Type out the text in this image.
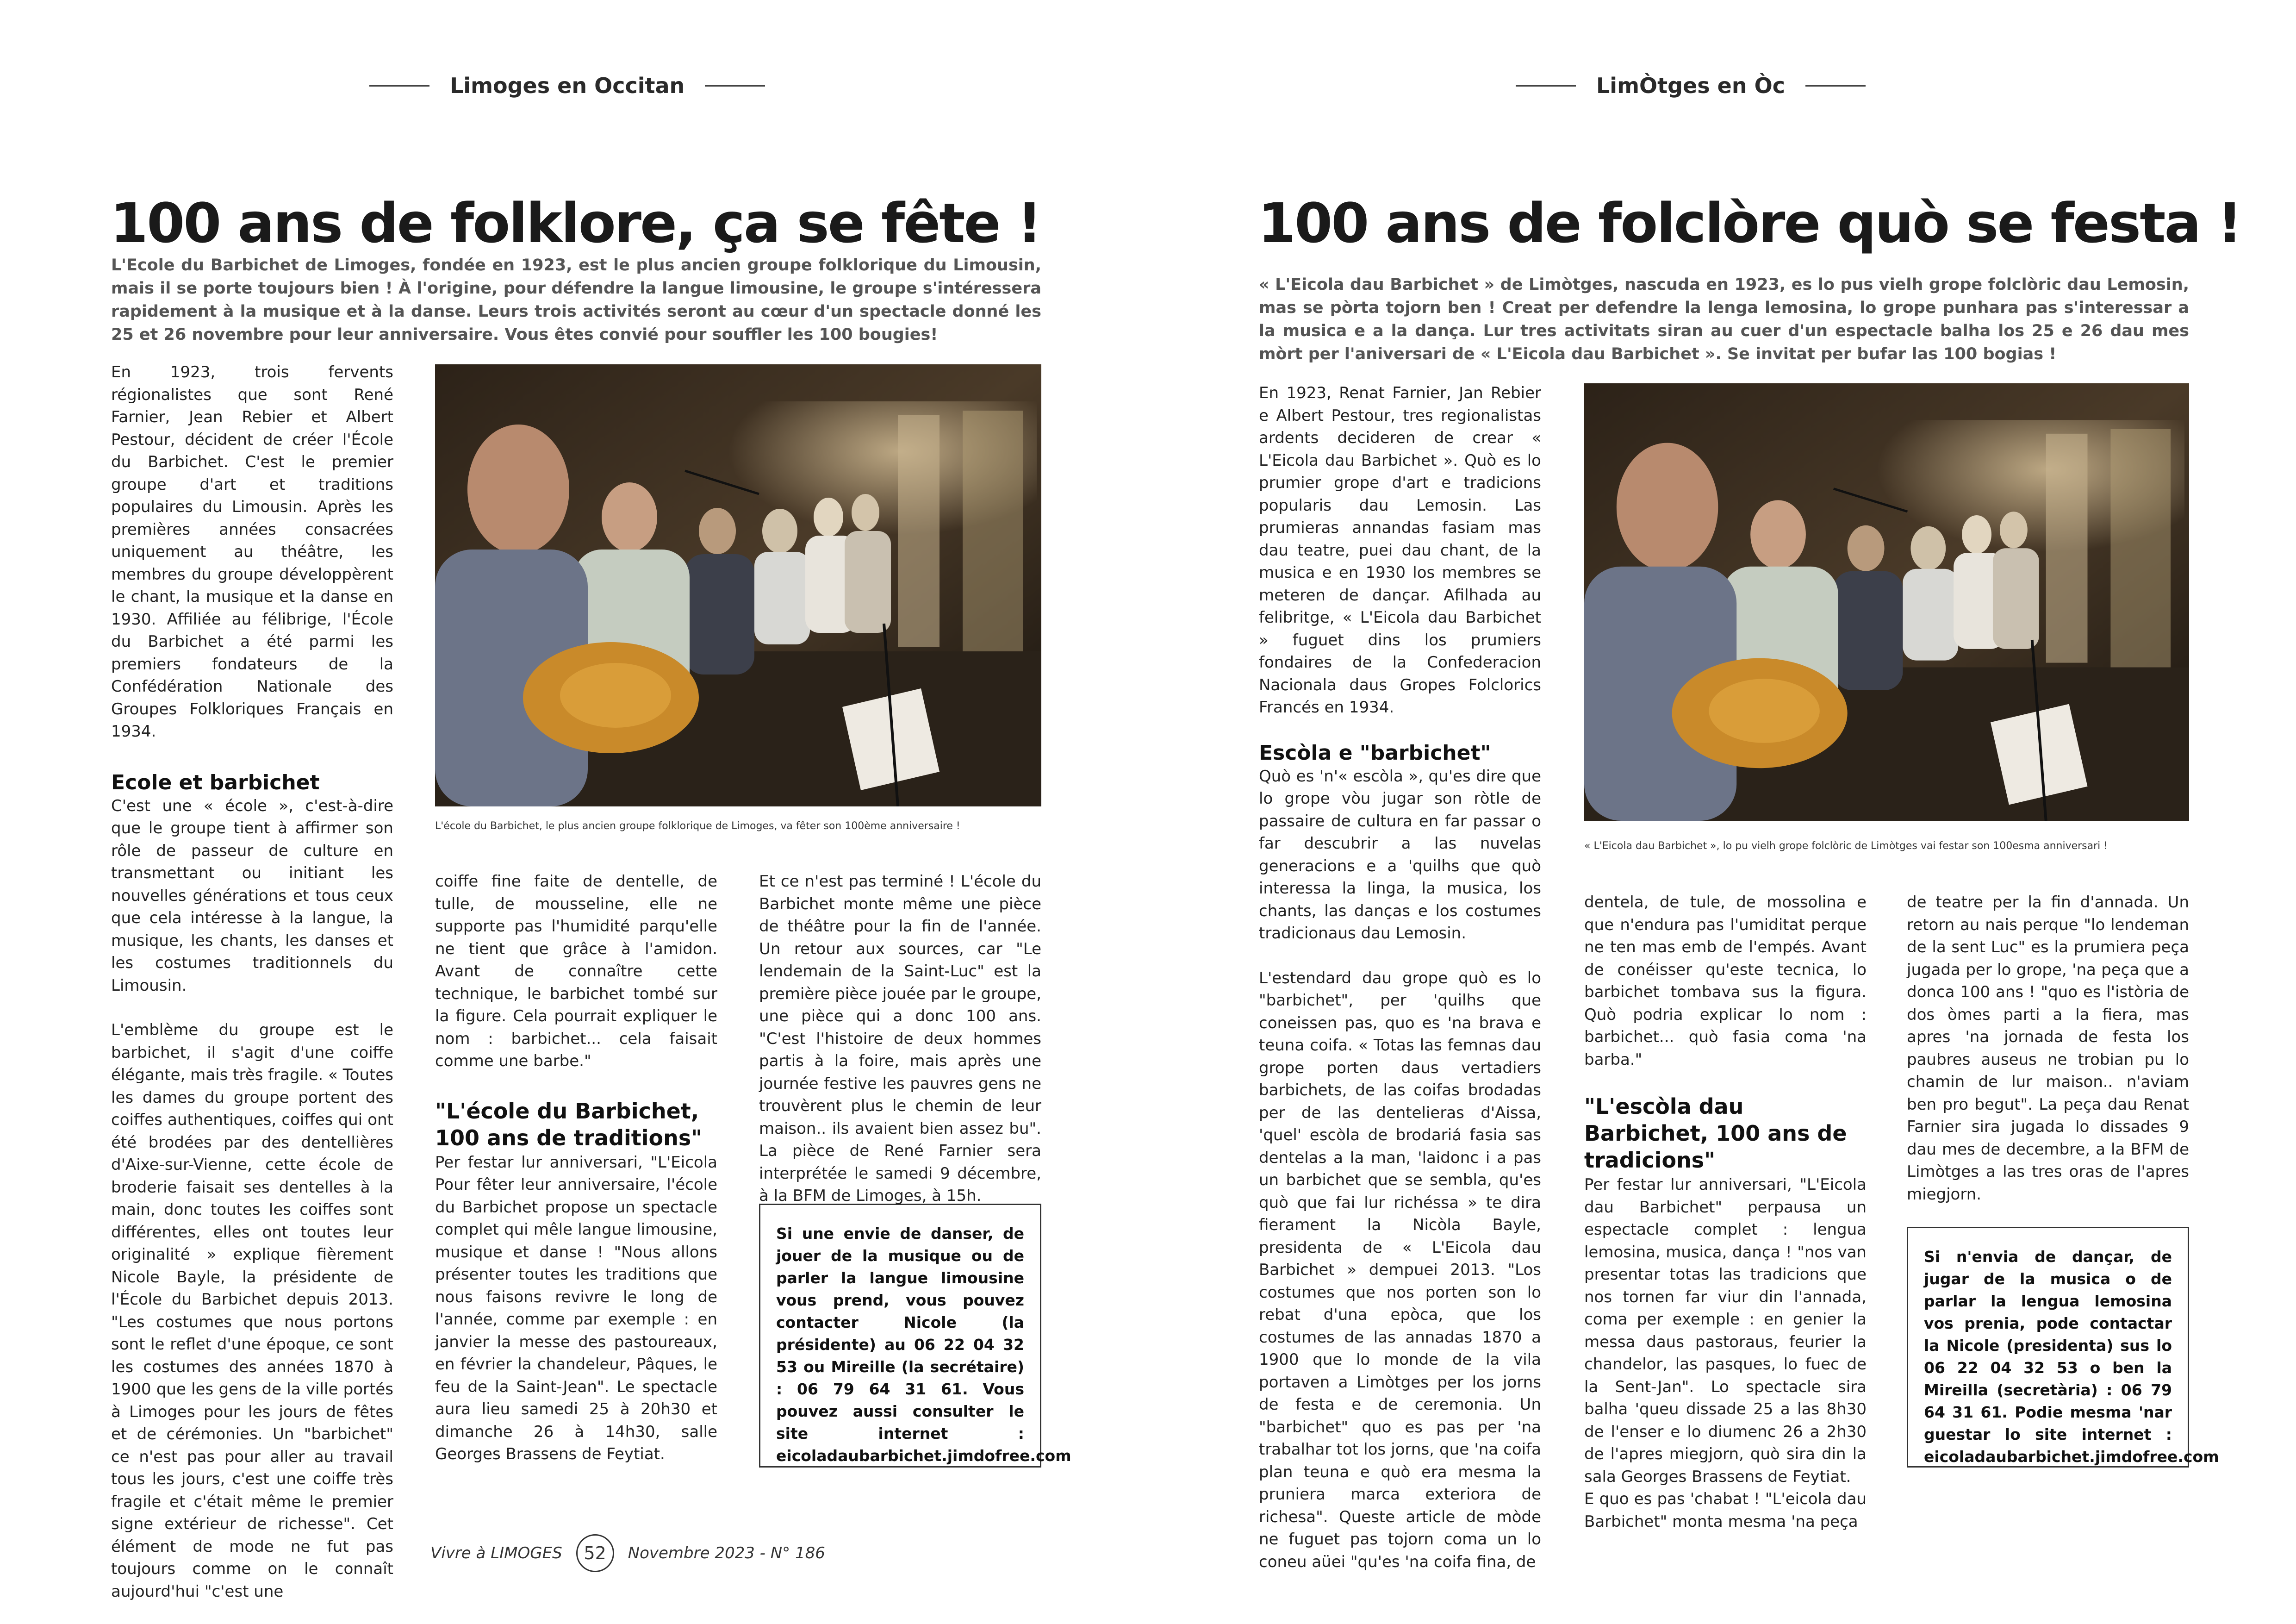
Limoges en Occitan
100 ans de folklore, ça se fête !
L'Ecole du Barbichet de Limoges, fondée en 1923, est le plus ancien groupe folklorique du Limousin, mais il se porte toujours bien ! À l'origine, pour défendre la langue limousine, le groupe s'intéressera rapidement à la musique et à la danse. Leurs trois activités seront au cœur d'un spectacle donné les 25 et 26 novembre pour leur anniversaire. Vous êtes convié pour souffler les 100 bougies!

En 1923, trois fervents régionalistes que sont René Farnier, Jean Rebier et Albert Pestour, décident de créer l'École du Barbichet. C'est le premier groupe d'art et traditions populaires du Limousin. Après les premières années consacrées uniquement au théâtre, les membres du groupe développèrent le chant, la musique et la danse en 1930. Affiliée au félibrige, l'École du Barbichet a été parmi les premiers fondateurs de la Confédération Nationale des Groupes Folkloriques Français en 1934.

Ecole et barbichet

C'est une « école », c'est-à-dire que le groupe tient à affirmer son rôle de passeur de culture en transmettant ou initiant les nouvelles générations et tous ceux que cela intéresse à la langue, la musique, les chants, les danses et les costumes traditionnels du Limousin.

L'emblème du groupe est le barbichet, il s'agit d'une coiffe élégante, mais très fragile. « Toutes les dames du groupe portent des coiffes authentiques, coiffes qui ont été brodées par des dentellières d'Aixe-sur-Vienne, cette école de broderie faisait ses dentelles à la main, donc toutes les coiffes sont différentes, elles ont toutes leur originalité » explique fièrement Nicole Bayle, la présidente de l'École du Barbichet depuis 2013. "Les costumes que nous portons sont le reflet d'une époque, ce sont les costumes des années 1870 à 1900 que les gens de la ville portés à Limoges pour les jours de fêtes et de cérémonies. Un "barbichet" ce n'est pas pour aller au travail tous les jours, c'est une coiffe très fragile et c'était même le premier signe extérieur de richesse". Cet élément de mode ne fut pas toujours comme on le connaît aujourd'hui "c'est une

L'école du Barbichet, le plus ancien groupe folklorique de Limoges, va fêter son 100ème anniversaire !

coiffe fine faite de dentelle, de tulle, de mousseline, elle ne supporte pas l'humidité parqu'elle ne tient que grâce à l'amidon. Avant de connaître cette technique, le barbichet tombé sur la figure. Cela pourrait expliquer le nom : barbichet... cela faisait comme une barbe."

"L'école du Barbichet, 100 ans de traditions"

Per festar lur anniversari, "L'Eicola Pour fêter leur anniversaire, l'école du Barbichet propose un spectacle complet qui mêle langue limousine, musique et danse ! "Nous allons présenter toutes les traditions que nous faisons revivre le long de l'année, comme par exemple : en janvier la messe des pastoureaux, en février la chandeleur, Pâques, le feu de la Saint-Jean". Le spectacle aura lieu samedi 25 à 20h30 et dimanche 26 à 14h30, salle Georges Brassens de Feytiat.

Et ce n'est pas terminé ! L'école du Barbichet monte même une pièce de théâtre pour la fin de l'année. Un retour aux sources, car "Le lendemain de la Saint-Luc" est la première pièce jouée par le groupe, une pièce qui a donc 100 ans. "C'est l'histoire de deux hommes partis à la foire, mais après une journée festive les pauvres gens ne trouvèrent plus le chemin de leur maison.. ils avaient bien assez bu". La pièce de René Farnier sera interprétée le samedi 9 décembre, à la BFM de Limoges, à 15h.

Si une envie de danser, de jouer de la musique ou de parler la langue limousine vous prend, vous pouvez contacter Nicole (la présidente) au 06 22 04 32 53 ou Mireille (la secrétaire) : 06 79 64 31 61. Vous pouvez aussi consulter le site internet : eicoladaubarbichet.jimdofree.com
Vivre à LIMOGES	52	Novembre 2023 - N° 186
LimÒtges en Òc
100 ans de folclòre quò se festa !
« L'Eicola dau Barbichet » de Limòtges, nascuda en 1923, es lo pus vielh grope folclòric dau Lemosin, mas se pòrta tojorn ben ! Creat per defendre la lenga lemosina, lo grope punhara pas s'interessar a la musica e a la dança. Lur tres activitats siran au cuer d'un espectacle balha los 25 e 26 dau mes mòrt per l'aniversari de « L'Eicola dau Barbichet ». Se invitat per bufar las 100 bogias !

En 1923, Renat Farnier, Jan Rebier e Albert Pestour, tres regionalistas ardents decideren de crear « L'Eicola dau Barbichet ». Quò es lo prumier grope d'art e tradicions popularis dau Lemosin. Las prumieras annandas fasiam mas dau teatre, puei dau chant, de la musica e en 1930 los membres se meteren de dançar. Afilhada au felibritge, « L'Eicola dau Barbichet » fuguet dins los prumiers fondaires de la Confederacion Nacionala daus Gropes Folclorics Francés en 1934.

Escòla e "barbichet"

Quò es 'n'« escòla », qu'es dire que lo grope vòu jugar son ròtle de passaire de cultura en far passar o far descubrir a las nuvelas generacions e a 'quilhs que quò interessa la linga, la musica, los chants, las danças e los costumes tradicionaus dau Lemosin.

L'estendard dau grope quò es lo "barbichet", per 'quilhs que coneissen pas, quo es 'na brava e teuna coifa. « Totas las femnas dau grope porten daus vertadiers barbichets, de las coifas brodadas per de las dentelieras d'Aissa, 'quel' escòla de brodariá fasia sas dentelas a la man, 'laidonc i a pas un barbichet que se sembla, qu'es quò que fai lur richéssa » te dira fierament la Nicòla Bayle, presidenta de « L'Eicola dau Barbichet » dempuei 2013. "Los costumes que nos porten son lo rebat d'una epòca, que los costumes de las annadas 1870 a 1900 que lo monde de la vila portaven a Limòtges per los jorns de festa e de ceremonia. Un "barbichet" quo es pas per 'na trabalhar tot los jorns, que 'na coifa plan teuna e quò era mesma la pruniera marca exteriora de richesa". Queste article de mòde ne fuguet pas tojorn coma un lo coneu aüei "qu'es 'na coifa fina, de

« L'Eicola dau Barbichet », lo pu vielh grope folclòric de Limòtges vai festar son 100esma anniversari !

dentela, de tule, de mossolina e que n'endura pas l'umiditat perque ne ten mas emb de l'empés. Avant de conéisser qu'este tecnica, lo barbichet tombava sus la figura. Quò podria explicar lo nom : barbichet... quò fasia coma 'na barba."

"L'escòla dau Barbichet, 100 ans de tradicions"

Per festar lur anniversari, "L'Eicola dau Barbichet" perpausa un espectacle complet : lengua lemosina, musica, dança ! "nos van presentar totas las tradicions que nos tornen far viur din l'annada, coma per exemple : en genier la messa daus pastoraus, feurier la chandelor, las pasques, lo fuec de la Sent-Jan". Lo spectacle sira balha 'queu dissade 25 a las 8h30 de l'enser e lo diumenc 26 a 2h30 de l'apres miegjorn, quò sira din la sala Georges Brassens de Feytiat.

E quo es pas 'chabat ! "L'eicola dau Barbichet" monta mesma 'na peça

de teatre per la fin d'annada. Un retorn au nais perque "lo lendeman de la sent Luc" es la prumiera peça jugada per lo grope, 'na peça que a donca 100 ans ! "quo es l'istòria de dos òmes parti a la fiera, mas apres 'na jornada de festa los paubres auseus ne trobian pu lo chamin de lur maison.. n'aviam ben pro begut". La peça dau Renat Farnier sira jugada lo dissades 9 dau mes de decembre, a la BFM de Limòtges a las tres oras de l'apres miegjorn.

Si n'envia de dançar, de jugar de la musica o de parlar la lengua lemosina vos prenia, pode contactar la Nicole (presidenta) sus lo 06 22 04 32 53 o ben la Mireilla (secretària) : 06 79 64 31 61. Podie mesma 'nar guestar lo site internet : eicoladaubarbichet.jimdofree.com
